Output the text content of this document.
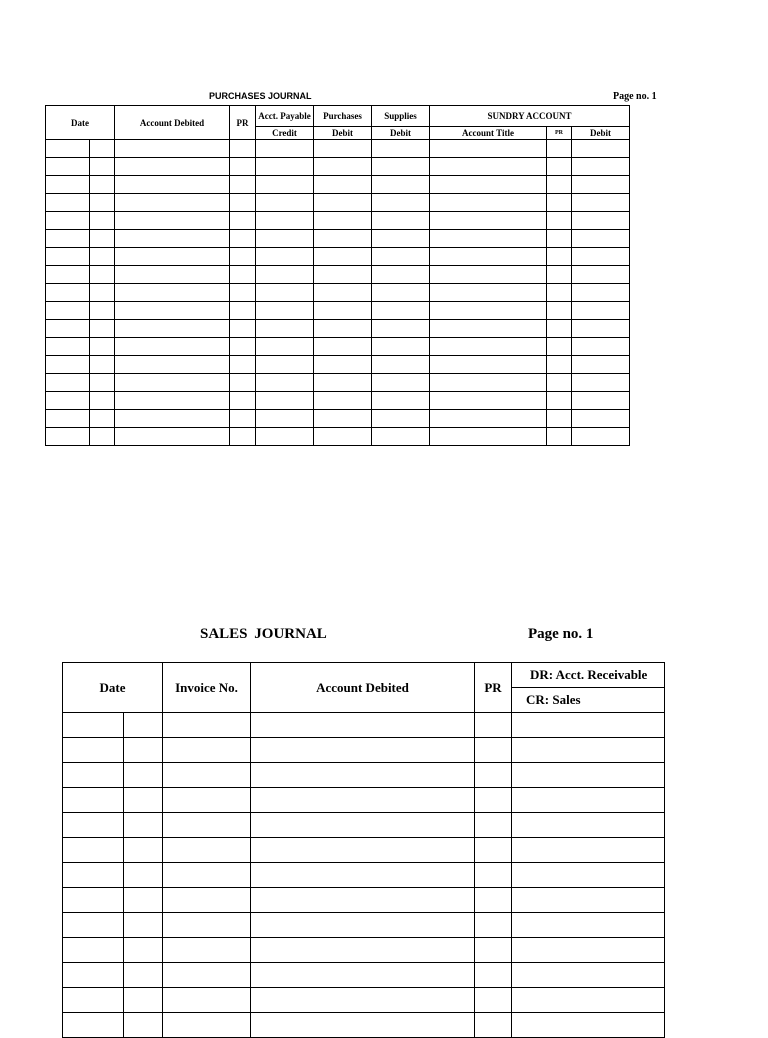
PURCHASES JOURNAL	Page no. 1
Date		Account Debited	PR	Acct. Payable	Purchases	Supplies	SUNDRY ACCOUNT		
				Credit	Debit	Debit	Account Title	PR	Debit

SALES JOURNAL	Page no. 1
Date		Invoice No.	Account Debited	PR	DR: Acct. Receivable
					CR: Sales
